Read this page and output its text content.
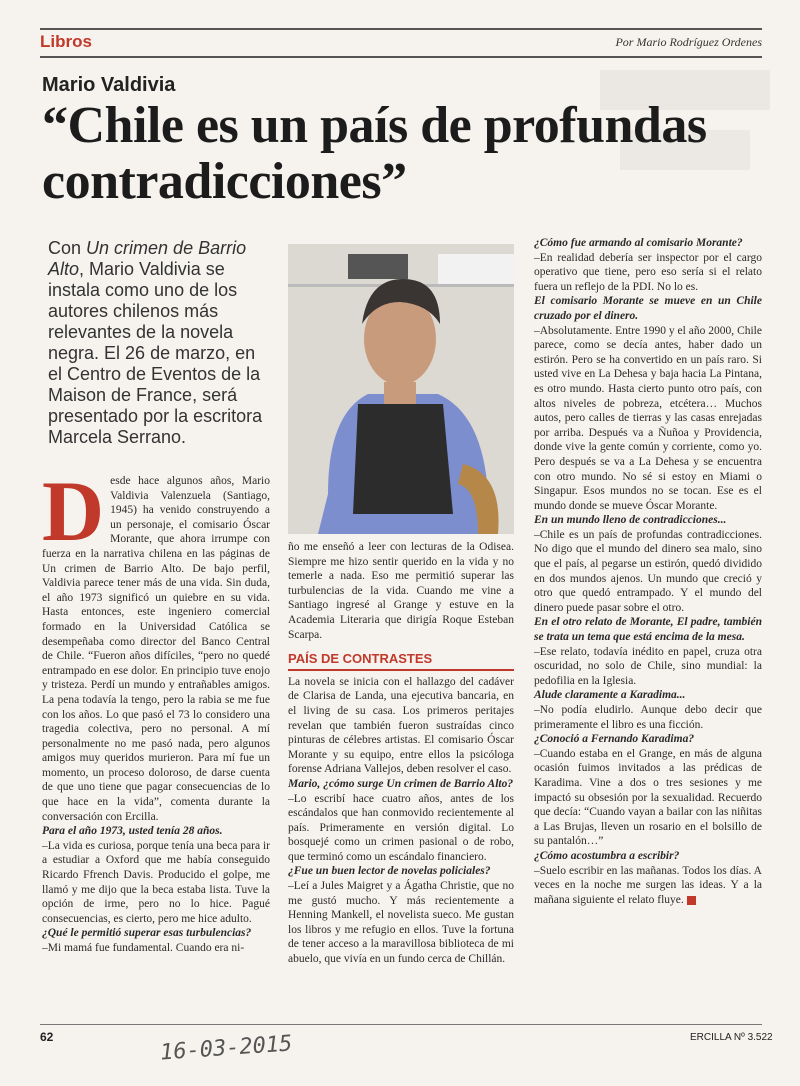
Libros	Por Mario Rodríguez Ordenes
Mario Valdivia
“Chile es un país de profundas contradicciones”
Con Un crimen de Barrio Alto, Mario Valdivia se instala como uno de los autores chilenos más relevantes de la novela negra. El 26 de marzo, en el Centro de Eventos de la Maison de France, será presentado por la escritora Marcela Serrano.

Desde hace algunos años, Mario Valdivia Valenzuela (Santiago, 1945) ha venido construyendo a un personaje, el comisario Óscar Morante, que ahora irrumpe con fuerza en la narrativa chilena en las páginas de Un crimen de Barrio Alto. De bajo perfil, Valdivia parece tener más de una vida. Sin duda, el año 1973 significó un quiebre en su vida. Hasta entonces, este ingeniero comercial formado en la Universidad Católica se desempeñaba como director del Banco Central de Chile. “Fueron años difíciles, “pero no quedé entrampado en ese dolor. En principio tuve enojo y tristeza. Perdí un mundo y entrañables amigos. La pena todavía la tengo, pero la rabia se me fue con los años. Lo que pasó el 73 lo considero una tragedia colectiva, pero no personal. A mí personalmente no me pasó nada, pero algunos amigos muy queridos murieron. Para mí fue un momento, un proceso doloroso, de darse cuenta de que uno tiene que pagar consecuencias de lo que hace en la vida”, comenta durante la conversación con Ercilla.

Para el año 1973, usted tenía 28 años.

–La vida es curiosa, porque tenía una beca para ir a estudiar a Oxford que me había conseguido Ricardo Ffrench Davis. Producido el golpe, me llamó y me dijo que la beca estaba lista. Tuve la opción de irme, pero no lo hice. Pagué consecuencias, es cierto, pero me hice adulto.

¿Qué le permitió superar esas turbulencias?

–Mi mamá fue fundamental. Cuando era ni-

ño me enseñó a leer con lecturas de la Odisea. Siempre me hizo sentir querido en la vida y no temerle a nada. Eso me permitió superar las turbulencias de la vida. Cuando me vine a Santiago ingresé al Grange y estuve en la Academia Literaria que dirigía Roque Esteban Scarpa.

PAÍS DE CONTRASTES

La novela se inicia con el hallazgo del cadáver de Clarisa de Landa, una ejecutiva bancaria, en el living de su casa. Los primeros peritajes revelan que también fueron sustraídas cinco pinturas de célebres artistas. El comisario Óscar Morante y su equipo, entre ellos la psicóloga forense Adriana Vallejos, deben resolver el caso.

Mario, ¿cómo surge Un crimen de Barrio Alto?

–Lo escribí hace cuatro años, antes de los escándalos que han conmovido recientemente al país. Primeramente en versión digital. Lo bosquejé como un crimen pasional o de robo, que terminó como un escándalo financiero.

¿Fue un buen lector de novelas policiales?

–Leí a Jules Maigret y a Ágatha Christie, que no me gustó mucho. Y más recientemente a Henning Mankell, el novelista sueco. Me gustan los libros y me refugio en ellos. Tuve la fortuna de tener acceso a la maravillosa biblioteca de mi abuelo, que vivía en un fundo cerca de Chillán.

¿Cómo fue armando al comisario Morante?

–En realidad debería ser inspector por el cargo operativo que tiene, pero eso sería si el relato fuera un reflejo de la PDI. No lo es.

El comisario Morante se mueve en un Chile cruzado por el dinero.

–Absolutamente. Entre 1990 y el año 2000, Chile parece, como se decía antes, haber dado un estirón. Pero se ha convertido en un país raro. Si usted vive en La Dehesa y baja hacia La Pintana, es otro mundo. Hasta cierto punto otro país, con altos niveles de pobreza, etcétera… Muchos autos, pero calles de tierras y las casas enrejadas por arriba. Después va a Ñuñoa y Providencia, donde vive la gente común y corriente, como yo. Pero después se va a La Dehesa y se encuentra con otro mundo. No sé si estoy en Miami o Singapur. Esos mundos no se tocan. Ese es el mundo donde se mueve Óscar Morante.

En un mundo lleno de contradicciones...

–Chile es un país de profundas contradicciones. No digo que el mundo del dinero sea malo, sino que el país, al pegarse un estirón, quedó dividido en dos mundos ajenos. Un mundo que creció y otro que quedó entrampado. Y el mundo del dinero puede pasar sobre el otro.

En el otro relato de Morante, El padre, también se trata un tema que está encima de la mesa.

–Ese relato, todavía inédito en papel, cruza otra oscuridad, no solo de Chile, sino mundial: la pedofilia en la Iglesia.

Alude claramente a Karadima...

–No podía eludirlo. Aunque debo decir que primeramente el libro es una ficción.

¿Conoció a Fernando Karadima?

–Cuando estaba en el Grange, en más de alguna ocasión fuimos invitados a las prédicas de Karadima. Vine a dos o tres sesiones y me impactó su obsesión por la sexualidad. Recuerdo que decía: “Cuando vayan a bailar con las niñitas a Las Brujas, lleven un rosario en el bolsillo de su pantalón…”

¿Cómo acostumbra a escribir?

–Suelo escribir en las mañanas. Todos los días. A veces en la noche me surgen las ideas. Y a la mañana siguiente el relato fluye.

62	16-03-2015	ERCILLA Nº 3.522
